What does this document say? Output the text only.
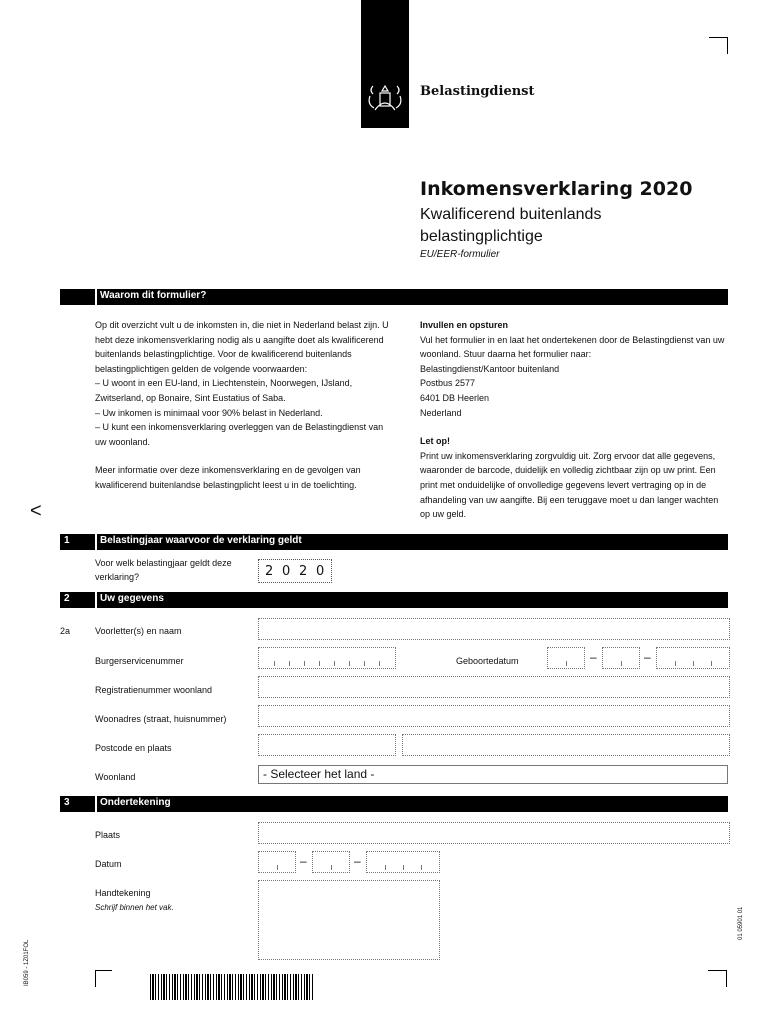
Belastingdienst
<
Inkomensverklaring 2020
Kwalificerend buitenlands belastingplichtige
EU/EER-formulier
Waarom dit formulier?

Op dit overzicht vult u de inkomsten in, die niet in Nederland belast zijn. U hebt deze inkomensverklaring nodig als u aangifte doet als kwalificerend buitenlands belastingplichtige. Voor de kwalificerend buitenlands belastingplichtigen gelden de volgende voorwaarden:

– U woont in een EU-land, in Liechtenstein, Noorwegen, IJsland, Zwitserland, op Bonaire, Sint Eustatius of Saba.

– Uw inkomen is minimaal voor 90% belast in Nederland.

– U kunt een inkomensverklaring overleggen van de Belastingdienst van uw woonland.

Meer informatie over deze inkomensverklaring en de gevolgen van kwalificerend buitenlandse belastingplicht leest u in de toelichting.

Invullen en opsturen

Vul het formulier in en laat het ondertekenen door de Belastingdienst van uw woonland. Stuur daarna het formulier naar:

Belastingdienst/Kantoor buitenland

Postbus 2577

6401 DB Heerlen

Nederland

Let op!

Print uw inkomensverklaring zorgvuldig uit. Zorg ervoor dat alle gegevens, waaronder de barcode, duidelijk en volledig zichtbaar zijn op uw print. Een print met onduidelijke of onvolledige gegevens levert vertraging op in de afhandeling van uw aangifte. Bij een teruggave moet u dan langer wachten op uw geld.

1	Belastingjaar waarvoor de verklaring geldt
Voor welk belastingjaar geldt deze verklaring?	2 0 2 0
2	Uw gegevens
2a	Voorletter(s) en naam
Burgerservicenummer	Geboortedatum	–	–
Registratienummer woonland
Woonadres (straat, huisnummer)
Postcode en plaats
Woonland	- Selecteer het land -
3	Ondertekening
Plaats
Datum	–	–
Handtekening
Schrijf binnen het vak.
IB059 - 1Z01FOL
01 05901 01
